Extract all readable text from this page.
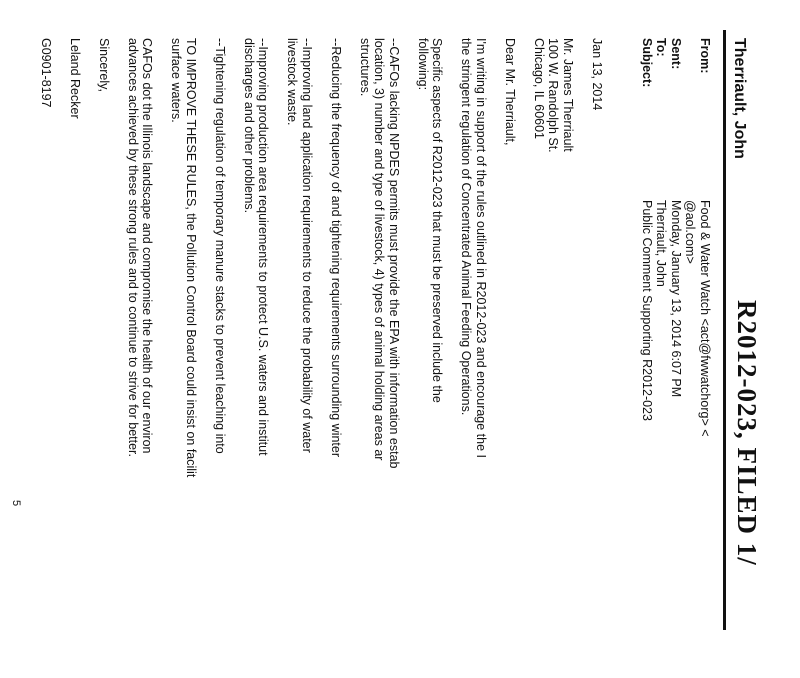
R2012-023, FILED 1/
Therriault, John
From:
Food & Water Watch <act@fwwatchorg> <
@aol.com>
Sent:
Monday, January 13, 2014 6:07 PM
To:
Therriault, John
Subject:
Public Comment Supporting R2012-023

Jan 13, 2014

Mr. James Therriault

100 W. Randolph St.

Chicago, IL 60601

Dear Mr. Therriault,

I'm writing in support of the rules outlined in R2012-023 and encourage the I

the stringent regulation of Concentrated Animal Feeding Operations.

Specific aspects of R2012-023 that must be preserved include the

following:

--CAFOs lacking NPDES permits must provide the EPA with information estab

location, 3) number and type of livestock, 4) types of animal holding areas ar

structures.

--Reducing the frequency of and tightening requirements surrounding winter

--Improving land application requirements to reduce the probability of water

livestock waste.

--Improving production area requirements to protect U.S. waters and institut

discharges and other problems.

--Tightening regulation of temporary manure stacks to prevent leaching into

TO IMPROVE THESE RULES, the Pollution Control Board could insist on facilit

surface waters.

CAFOs dot the Illinois landscape and compromise the health of our environ

advances achieved by these strong rules and to continue to strive for better.

Sincerely,

Leland Recker

G0901-8197

5
